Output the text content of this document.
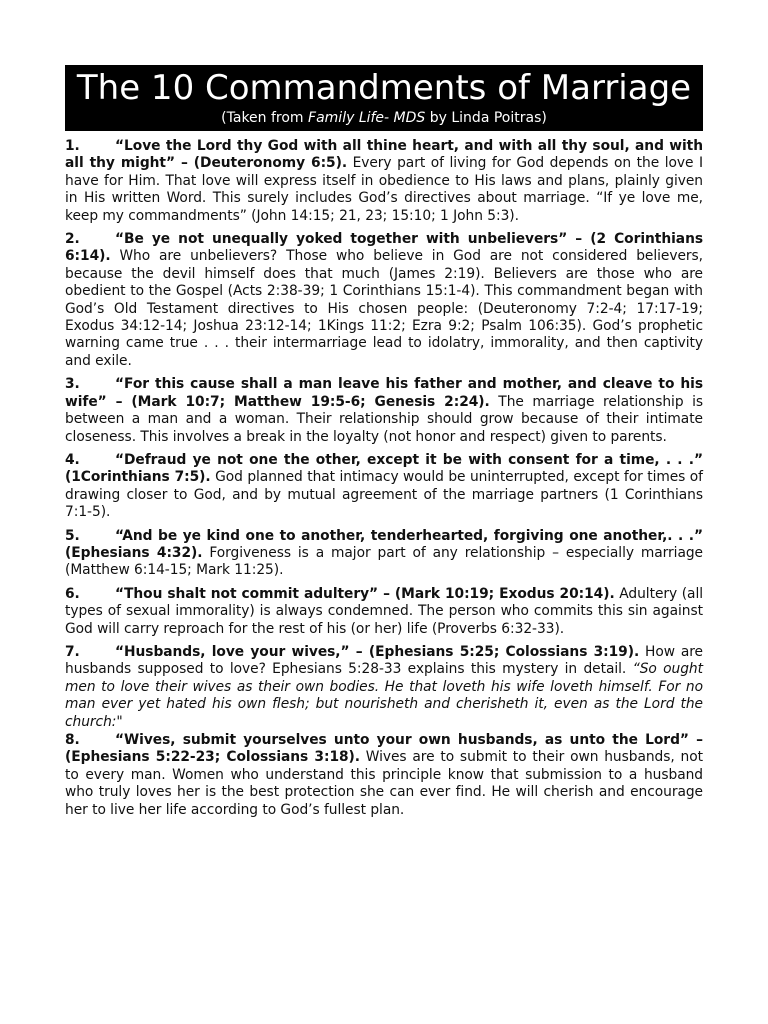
The 10 Commandments of Marriage
(Taken from Family Life- MDS by Linda Poitras)

1.	“Love the Lord thy God with all thine heart, and with all thy soul, and with all thy might” – (Deuteronomy 6:5). Every part of living for God depends on the love I have for Him. That love will express itself in obedience to His laws and plans, plainly given in His written Word. This surely includes God’s directives about marriage. “If ye love me, keep my commandments” (John 14:15; 21, 23; 15:10; 1 John 5:3).

2.	“Be ye not unequally yoked together with unbelievers” – (2 Corinthians 6:14). Who are unbelievers? Those who believe in God are not considered believers, because the devil himself does that much (James 2:19). Believers are those who are obedient to the Gospel (Acts 2:38-39; 1 Corinthians 15:1-4). This commandment began with God’s Old Testament directives to His chosen people: (Deuteronomy 7:2-4; 17:17-19; Exodus 34:12-14; Joshua 23:12-14; 1Kings 11:2; Ezra 9:2; Psalm 106:35). God’s prophetic warning came true . . . their intermarriage lead to idolatry, immorality, and then captivity and exile.

3.	“For this cause shall a man leave his father and mother, and cleave to his wife” – (Mark 10:7; Matthew 19:5-6; Genesis 2:24). The marriage relationship is between a man and a woman. Their relationship should grow because of their intimate closeness. This involves a break in the loyalty (not honor and respect) given to parents.

4.	“Defraud ye not one the other, except it be with consent for a time, . . .” (1Corinthians 7:5). God planned that intimacy would be uninterrupted, except for times of drawing closer to God, and by mutual agreement of the marriage partners (1 Corinthians 7:1-5).

5.	“And be ye kind one to another, tenderhearted, forgiving one another,. . .” (Ephesians 4:32). Forgiveness is a major part of any relationship – especially marriage (Matthew 6:14-15; Mark 11:25).

6.	“Thou shalt not commit adultery” – (Mark 10:19; Exodus 20:14). Adultery (all types of sexual immorality) is always condemned. The person who commits this sin against God will carry reproach for the rest of his (or her) life (Proverbs 6:32-33).

7.	“Husbands, love your wives,” – (Ephesians 5:25; Colossians 3:19). How are husbands supposed to love? Ephesians 5:28-33 explains this mystery in detail. “So ought men to love their wives as their own bodies. He that loveth his wife loveth himself. For no man ever yet hated his own flesh; but nourisheth and cherisheth it, even as the Lord the church:"

8.	“Wives, submit yourselves unto your own husbands, as unto the Lord” – (Ephesians 5:22-23; Colossians 3:18). Wives are to submit to their own husbands, not to every man. Women who understand this principle know that submission to a husband who truly loves her is the best protection she can ever find. He will cherish and encourage her to live her life according to God’s fullest plan.
